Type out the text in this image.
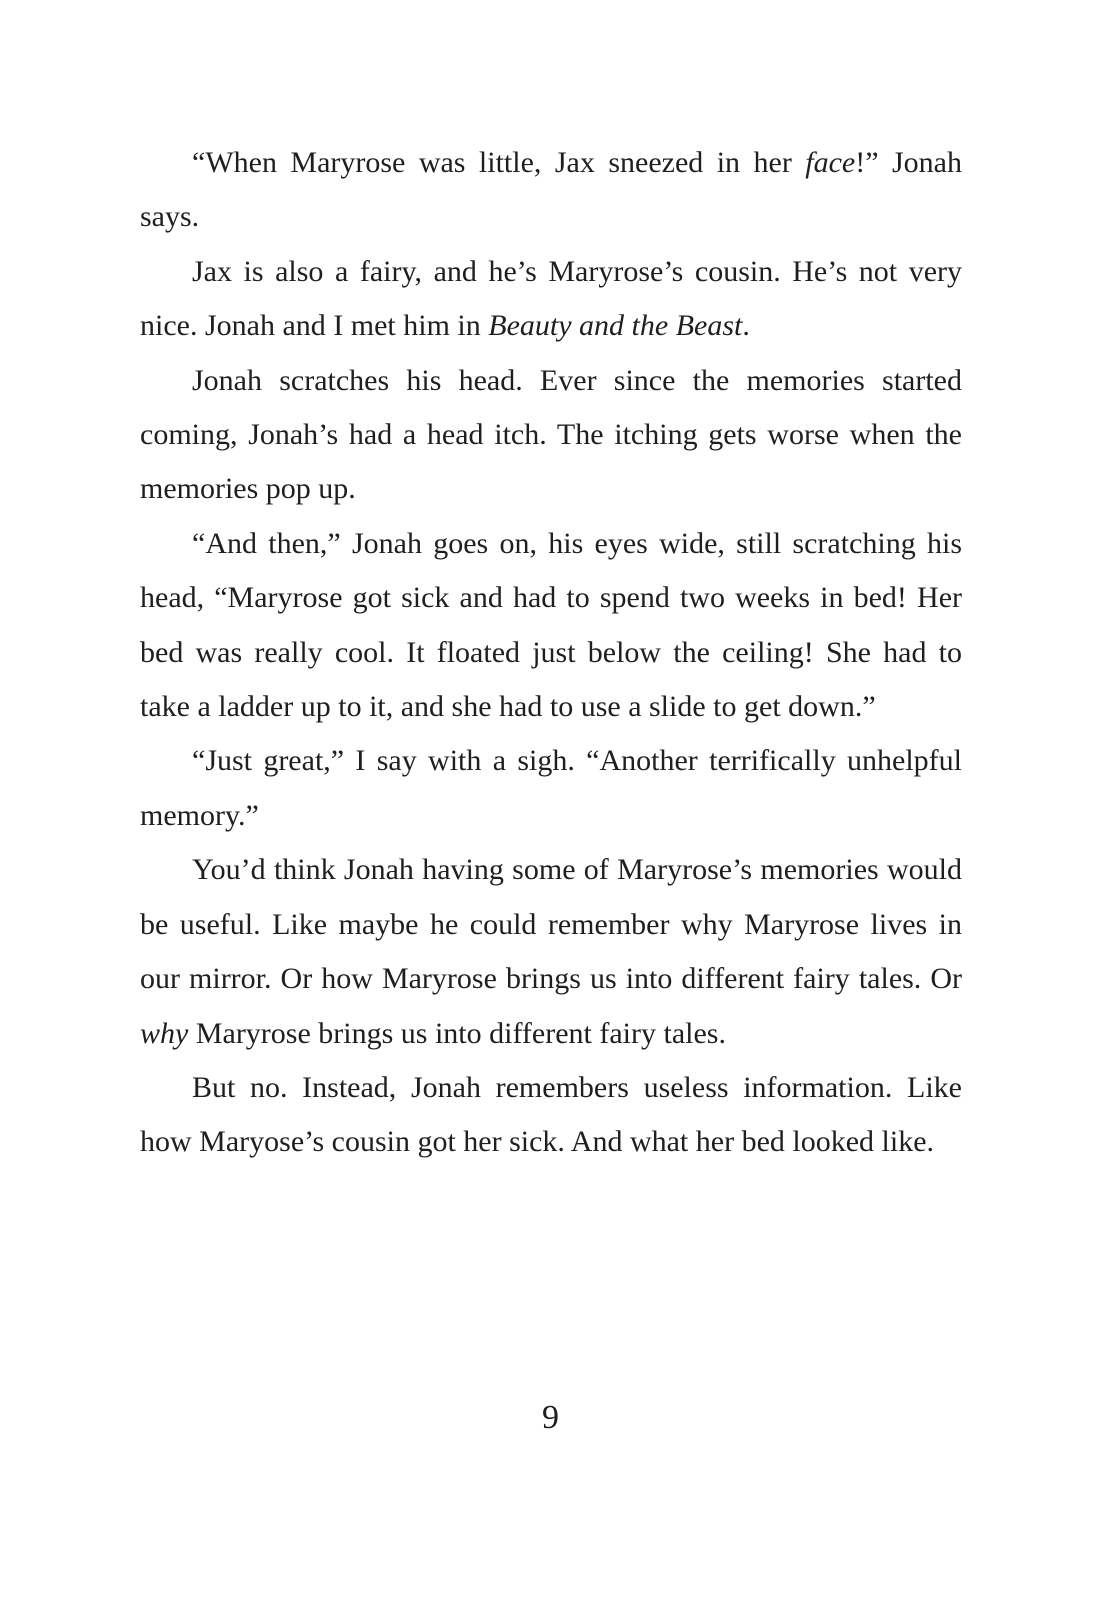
“When Maryrose was little, Jax sneezed in her face!” Jonah says.

Jax is also a fairy, and he’s Maryrose’s cousin. He’s not very nice. Jonah and I met him in Beauty and the Beast.

Jonah scratches his head. Ever since the memories started coming, Jonah’s had a head itch. The itching gets worse when the memories pop up.

“And then,” Jonah goes on, his eyes wide, still scratching his head, “Maryrose got sick and had to spend two weeks in bed! Her bed was really cool. It floated just below the ceiling! She had to take a ladder up to it, and she had to use a slide to get down.”

“Just great,” I say with a sigh. “Another terrifically unhelpful memory.”

You’d think Jonah having some of Maryrose’s memories would be useful. Like maybe he could remember why Maryrose lives in our mirror. Or how Maryrose brings us into different fairy tales. Or why Maryrose brings us into different fairy tales.

But no. Instead, Jonah remembers useless information. Like how Maryose’s cousin got her sick. And what her bed looked like.

9
